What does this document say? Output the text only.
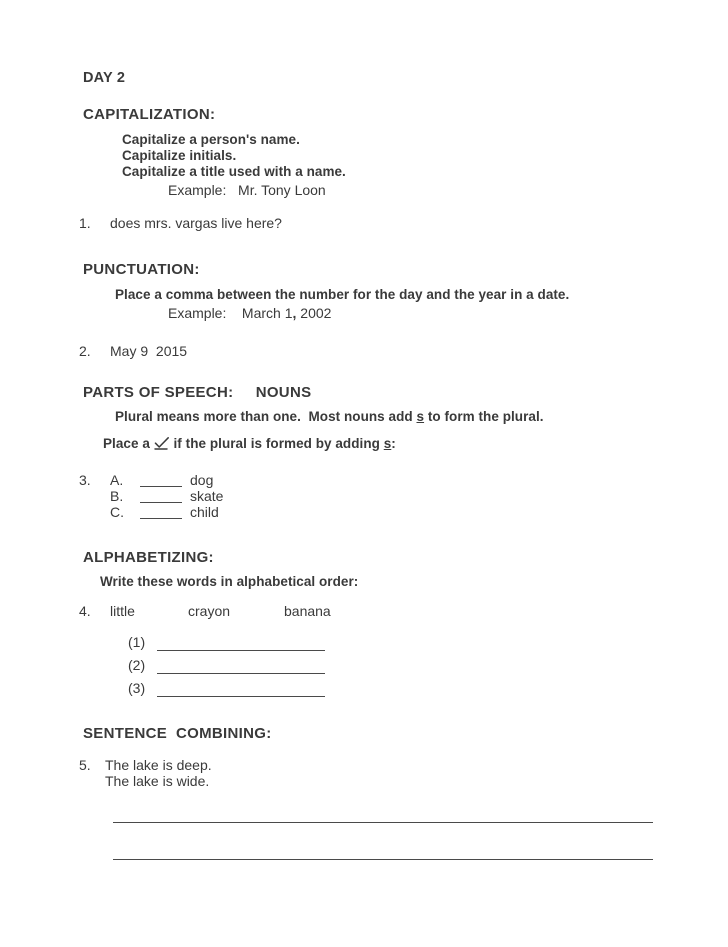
DAY 2
CAPITALIZATION:
Capitalize a person's name.
Capitalize initials.
Capitalize a title used with a name.
Example:   Mr. Tony Loon
1. does mrs. vargas live here?
PUNCTUATION:
Place a comma between the number for the day and the year in a date.
Example:    March 1, 2002
2. May 9  2015
PARTS OF SPEECH:     NOUNS
Plural means more than one.  Most nouns add s to form the plural.
Place a
if the plural is formed by adding s:
3. A.
B.
C.
dog
skate
child
ALPHABETIZING:
Write these words in alphabetical order:
4. little	crayon	banana
(1)
(2)
(3)
SENTENCE  COMBINING:
5. The lake is deep.
The lake is wide.
